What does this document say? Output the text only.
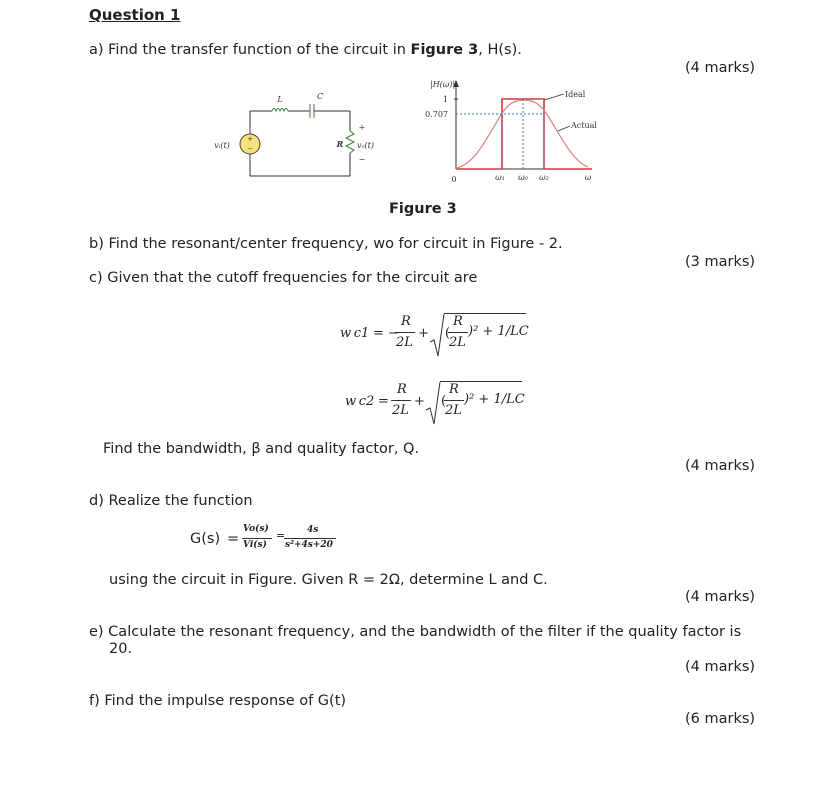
Question 1
a) Find the transfer function of the circuit in Figure 3, H(s).
(4 marks)
+
−
L	C
R
vᵢ(t)
+
vₒ(t)
−
|H(ω)|
1
0.707
0	ω₁ ω₀ ω₂	ω
Ideal
Actual
Figure 3
b) Find the resonant/center frequency, wo for circuit in Figure - 2.
(3 marks)
c) Given that the cutoff frequencies for the circuit are
w c1 = −
R
2L
+ (
R
2L
)² + 1/LC
w c2 =
R
2L
+ (
R
2L
)² + 1/LC
Find the bandwidth, β and quality factor, Q.
(4 marks)
d) Realize the function
G(s) =
Vo(s)
Vi(s)
= 4s
s²+4s+20
using the circuit in Figure. Given R = 2Ω, determine L and C.
(4 marks)
e) Calculate the resonant frequency, and the bandwidth of the filter if the quality factor is
20.
(4 marks)
f) Find the impulse response of G(t)
(6 marks)
